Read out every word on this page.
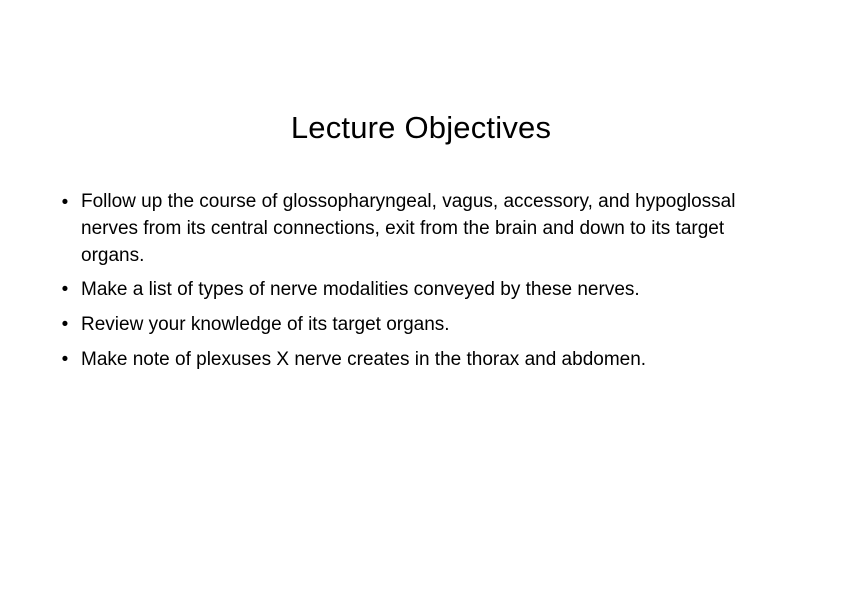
Lecture Objectives
• Follow up the course of glossopharyngeal, vagus, accessory, and hypoglossal nerves from its central connections, exit from the brain and down to its target organs.
• Make a list of types of nerve modalities conveyed by these nerves.
• Review your knowledge of its target organs.
• Make note of plexuses X nerve creates in the thorax and abdomen.
